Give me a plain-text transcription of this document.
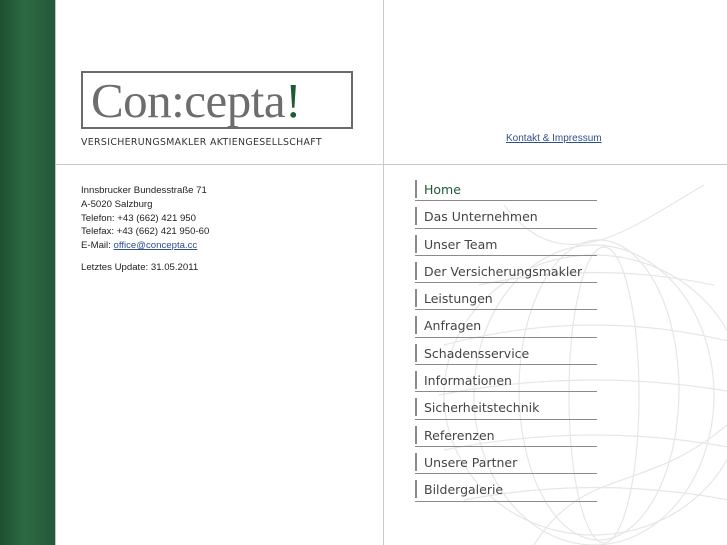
Con:cepta!
VERSICHERUNGSMAKLER AKTIENGESELLSCHAFT	Kontakt & Impressum
Innsbrucker Bundesstraße 71
A-5020 Salzburg
Telefon: +43 (662) 421 950
Telefax: +43 (662) 421 950-60
E-Mail: office@concepta.cc
Letztes Update: 31.05.2011
Home
Das Unternehmen
Unser Team
Der Versicherungsmakler
Leistungen
Anfragen
Schadensservice
Informationen
Sicherheitstechnik
Referenzen
Unsere Partner
Bildergalerie
